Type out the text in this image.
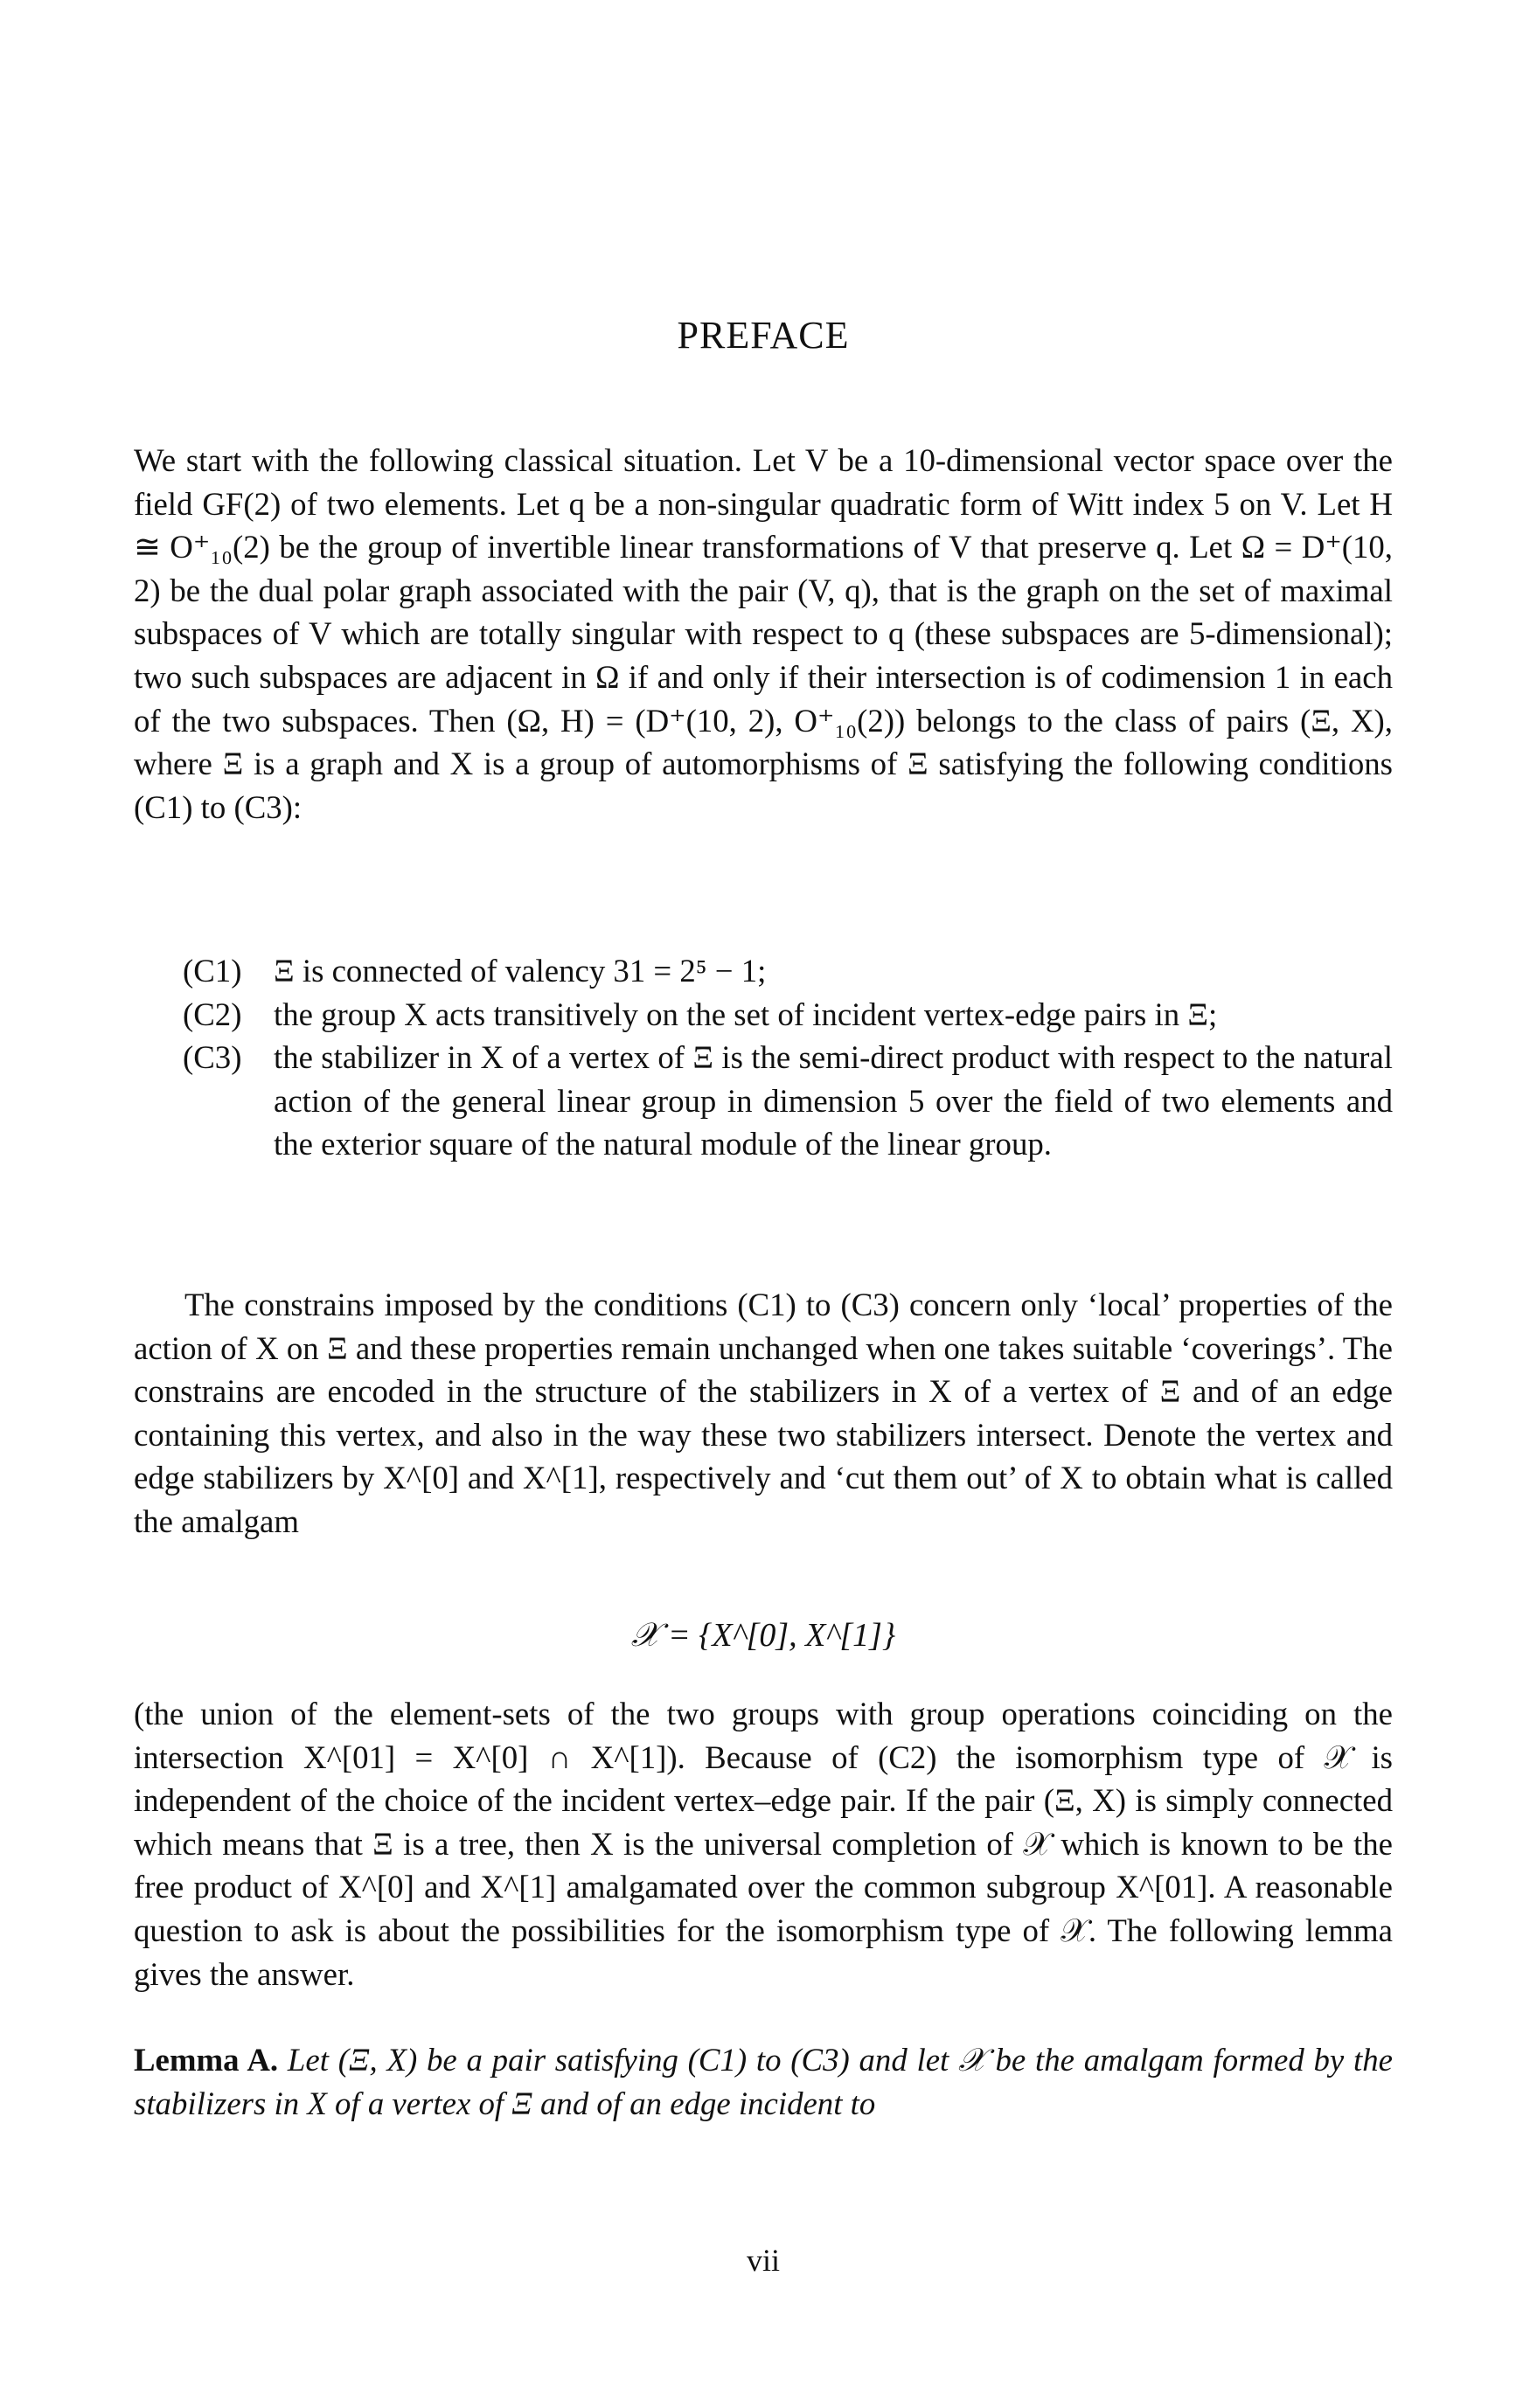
PREFACE

We start with the following classical situation. Let V be a 10-dimensional vector space over the field GF(2) of two elements. Let q be a non-singular quadratic form of Witt index 5 on V. Let H ≅ O⁺₁₀(2) be the group of invertible linear transformations of V that preserve q. Let Ω = D⁺(10, 2) be the dual polar graph associated with the pair (V, q), that is the graph on the set of maximal subspaces of V which are totally singular with respect to q (these subspaces are 5-dimensional); two such subspaces are adjacent in Ω if and only if their intersection is of codimension 1 in each of the two subspaces. Then (Ω, H) = (D⁺(10, 2), O⁺₁₀(2)) belongs to the class of pairs (Ξ, X), where Ξ is a graph and X is a group of automorphisms of Ξ satisfying the following conditions (C1) to (C3):

(C1) Ξ is connected of valency 31 = 2⁵ − 1;
(C2) the group X acts transitively on the set of incident vertex-edge pairs in Ξ;
(C3) the stabilizer in X of a vertex of Ξ is the semi-direct product with respect to the natural action of the general linear group in dimension 5 over the field of two elements and the exterior square of the natural module of the linear group.

The constrains imposed by the conditions (C1) to (C3) concern only ‘local’ properties of the action of X on Ξ and these properties remain unchanged when one takes suitable ‘coverings’. The constrains are encoded in the structure of the stabilizers in X of a vertex of Ξ and of an edge containing this vertex, and also in the way these two stabilizers intersect. Denote the vertex and edge stabilizers by X^[0] and X^[1], respectively and ‘cut them out’ of X to obtain what is called the amalgam

𝒳 = {X^[0], X^[1]}

(the union of the element-sets of the two groups with group operations coinciding on the intersection X^[01] = X^[0] ∩ X^[1]). Because of (C2) the isomorphism type of 𝒳 is independent of the choice of the incident vertex–edge pair. If the pair (Ξ, X) is simply connected which means that Ξ is a tree, then X is the universal completion of 𝒳 which is known to be the free product of X^[0] and X^[1] amalgamated over the common subgroup X^[01]. A reasonable question to ask is about the possibilities for the isomorphism type of 𝒳. The following lemma gives the answer.

Lemma A. Let (Ξ, X) be a pair satisfying (C1) to (C3) and let 𝒳 be the amalgam formed by the stabilizers in X of a vertex of Ξ and of an edge incident to

vii
